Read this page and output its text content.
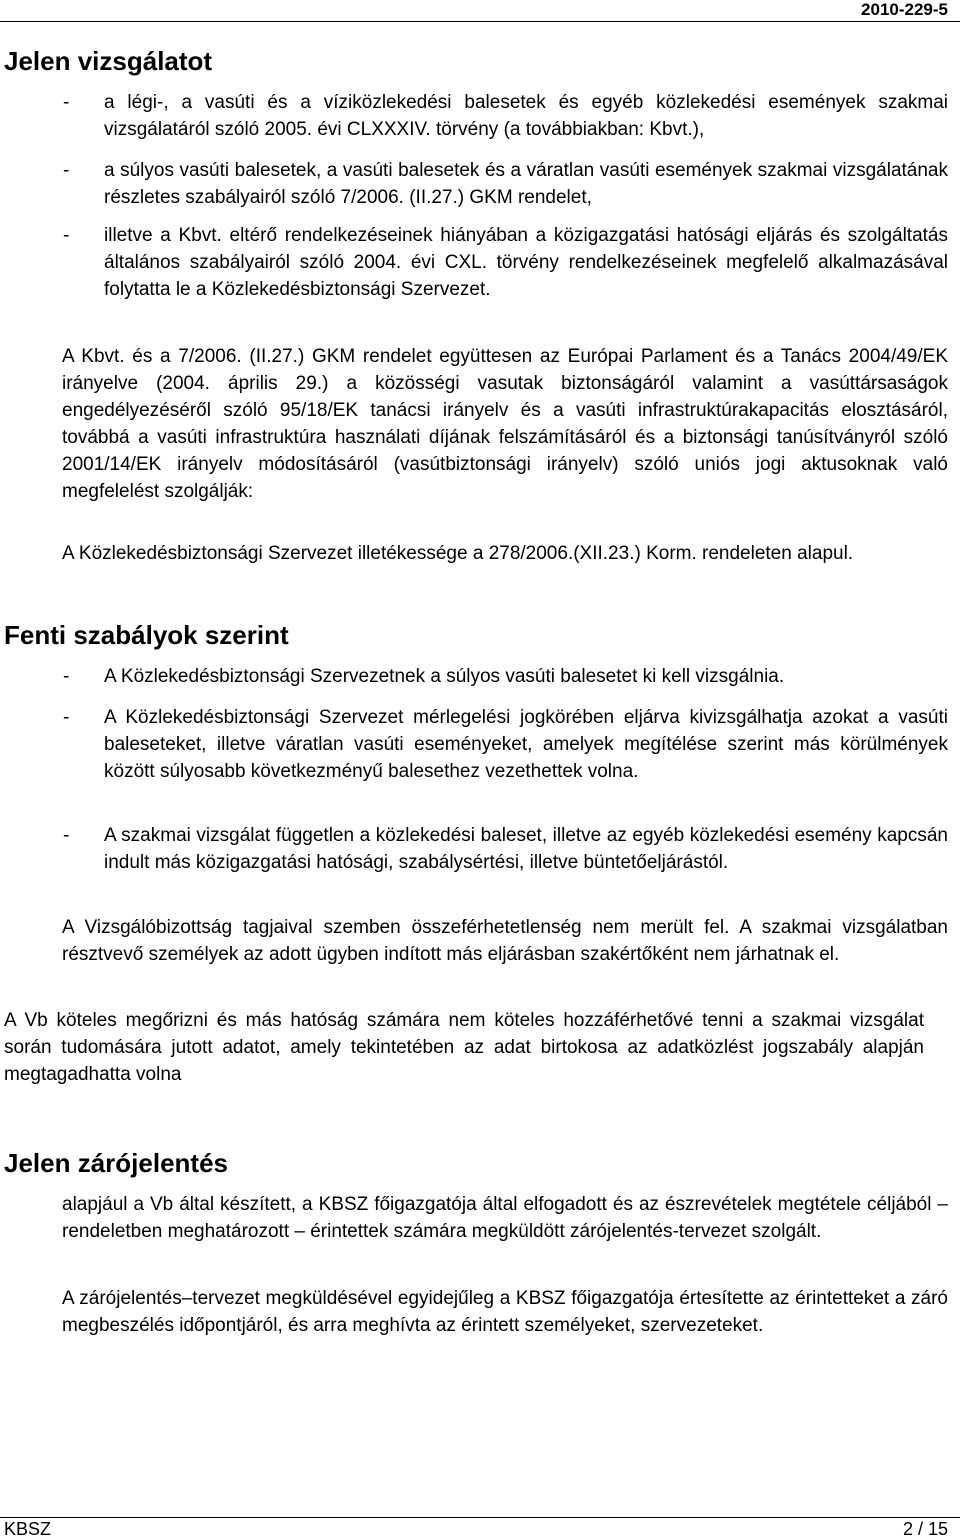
2010-229-5
Jelen vizsgálatot
- a légi-, a vasúti és a víziközlekedési balesetek és egyéb közlekedési események szakmai vizsgálatáról szóló 2005. évi CLXXXIV. törvény (a továbbiakban: Kbvt.),

- a súlyos vasúti balesetek, a vasúti balesetek és a váratlan vasúti események szakmai vizsgálatának részletes szabályairól szóló 7/2006. (II.27.) GKM rendelet,

- illetve a Kbvt. eltérő rendelkezéseinek hiányában a közigazgatási hatósági eljárás és szolgáltatás általános szabályairól szóló 2004. évi CXL. törvény rendelkezéseinek megfelelő alkalmazásával folytatta le a Közlekedésbiztonsági Szervezet.

A Kbvt. és a 7/2006. (II.27.) GKM rendelet együttesen az Európai Parlament és a Tanács 2004/49/EK irányelve (2004. április 29.) a közösségi vasutak biztonságáról valamint a vasúttársaságok engedélyezéséről szóló 95/18/EK tanácsi irányelv és a vasúti infrastruktúrakapacitás elosztásáról, továbbá a vasúti infrastruktúra használati díjának felszámításáról és a biztonsági tanúsítványról szóló 2001/14/EK irányelv módosításáról (vasútbiztonsági irányelv) szóló uniós jogi aktusoknak való megfelelést szolgálják:

A Közlekedésbiztonsági Szervezet illetékessége a 278/2006.(XII.23.) Korm. rendeleten alapul.

Fenti szabályok szerint
- A Közlekedésbiztonsági Szervezetnek a súlyos vasúti balesetet ki kell vizsgálnia.

- A Közlekedésbiztonsági Szervezet mérlegelési jogkörében eljárva kivizsgálhatja azokat a vasúti baleseteket, illetve váratlan vasúti eseményeket, amelyek megítélése szerint más körülmények között súlyosabb következményű balesethez vezethettek volna.

- A szakmai vizsgálat független a közlekedési baleset, illetve az egyéb közlekedési esemény kapcsán indult más közigazgatási hatósági, szabálysértési, illetve büntetőeljárástól.

A Vizsgálóbizottság tagjaival szemben összeférhetetlenség nem merült fel. A szakmai vizsgálatban résztvevő személyek az adott ügyben indított más eljárásban szakértőként nem járhatnak el.

A Vb köteles megőrizni és más hatóság számára nem köteles hozzáférhetővé tenni a szakmai vizsgálat során tudomására jutott adatot, amely tekintetében az adat birtokosa az adatközlést jogszabály alapján megtagadhatta volna

Jelen zárójelentés

alapjául a Vb által készített, a KBSZ főigazgatója által elfogadott és az észrevételek megtétele céljából – rendeletben meghatározott – érintettek számára megküldött zárójelentés-tervezet szolgált.

A zárójelentés–tervezet megküldésével egyidejűleg a KBSZ főigazgatója értesítette az érintetteket a záró megbeszélés időpontjáról, és arra meghívta az érintett személyeket, szervezeteket.

KBSZ	2 / 15
